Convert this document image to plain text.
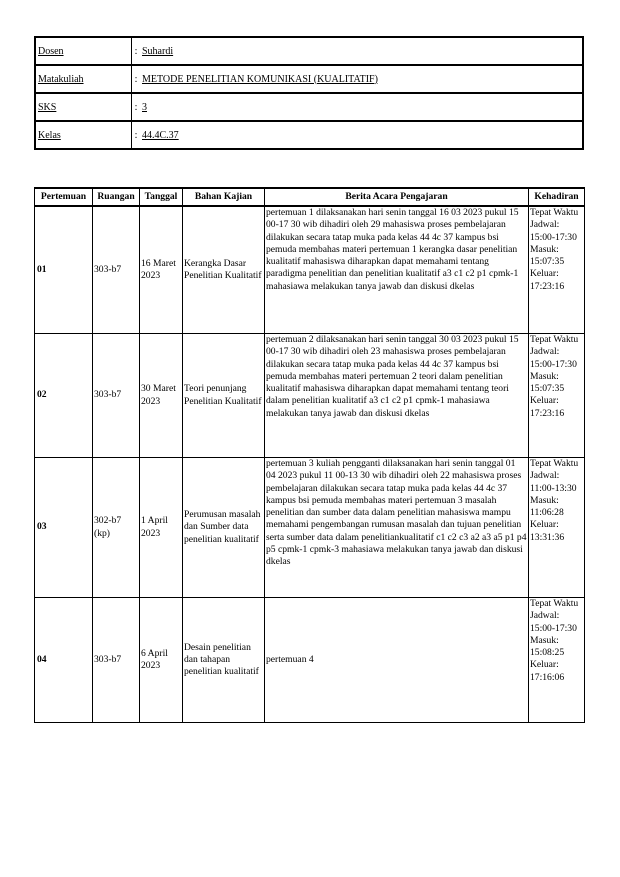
Dosen	:	Suhardi
Matakuliah	:	METODE PENELITIAN KOMUNIKASI (KUALITATIF)
SKS	:	3
Kelas	:	44.4C.37
Pertemuan	Ruangan	Tanggal	Bahan Kajian	Berita Acara Pengajaran	Kehadiran
01	303-b7	16 Maret 2023	Kerangka Dasar Penelitian Kualitatif	pertemuan 1 dilaksanakan hari senin tanggal 16 03 2023 pukul 15 00-17 30 wib dihadiri oleh 29 mahasiswa proses pembelajaran dilakukan secara tatap muka pada kelas 44 4c 37 kampus bsi pemuda membahas materi pertemuan 1 kerangka dasar penelitian kualitatif mahasiswa diharapkan dapat memahami tentang paradigma penelitian dan penelitian kualitatif a3 c1 c2 p1 cpmk-1 mahasiawa melakukan tanya jawab dan diskusi dkelas	Tepat Waktu Jadwal: 15:00-17:30 Masuk: 15:07:35 Keluar: 17:23:16
02	303-b7	30 Maret 2023	Teori penunjang Penelitian Kualitatif	pertemuan 2 dilaksanakan hari senin tanggal 30 03 2023 pukul 15 00-17 30 wib dihadiri oleh 23 mahasiswa proses pembelajaran dilakukan secara tatap muka pada kelas 44 4c 37 kampus bsi pemuda membahas materi pertemuan 2 teori dalam penelitian kualitatif mahasiswa diharapkan dapat memahami tentang teori dalam penelitian kualitatif a3 c1 c2 p1 cpmk-1 mahasiawa melakukan tanya jawab dan diskusi dkelas	Tepat Waktu Jadwal: 15:00-17:30 Masuk: 15:07:35 Keluar: 17:23:16
03	302-b7 (kp)	1 April 2023	Perumusan masalah dan Sumber data penelitian kualitatif	pertemuan 3 kuliah pengganti dilaksanakan hari senin tanggal 01 04 2023 pukul 11 00-13 30 wib dihadiri oleh 22 mahasiswa proses pembelajaran dilakukan secara tatap muka pada kelas 44 4c 37 kampus bsi pemuda membahas materi pertemuan 3 masalah penelitian dan sumber data dalam penelitian mahasiswa mampu memahami pengembangan rumusan masalah dan tujuan penelitian serta sumber data dalam penelitiankualitatif c1 c2 c3 a2 a3 a5 p1 p4 p5 cpmk-1 cpmk-3 mahasiawa melakukan tanya jawab dan diskusi dkelas	Tepat Waktu Jadwal: 11:00-13:30 Masuk: 11:06:28 Keluar: 13:31:36
04	303-b7	6 April 2023	Desain penelitian dan tahapan penelitian kualitatif	pertemuan 4	Tepat Waktu Jadwal: 15:00-17:30 Masuk: 15:08:25 Keluar: 17:16:06
